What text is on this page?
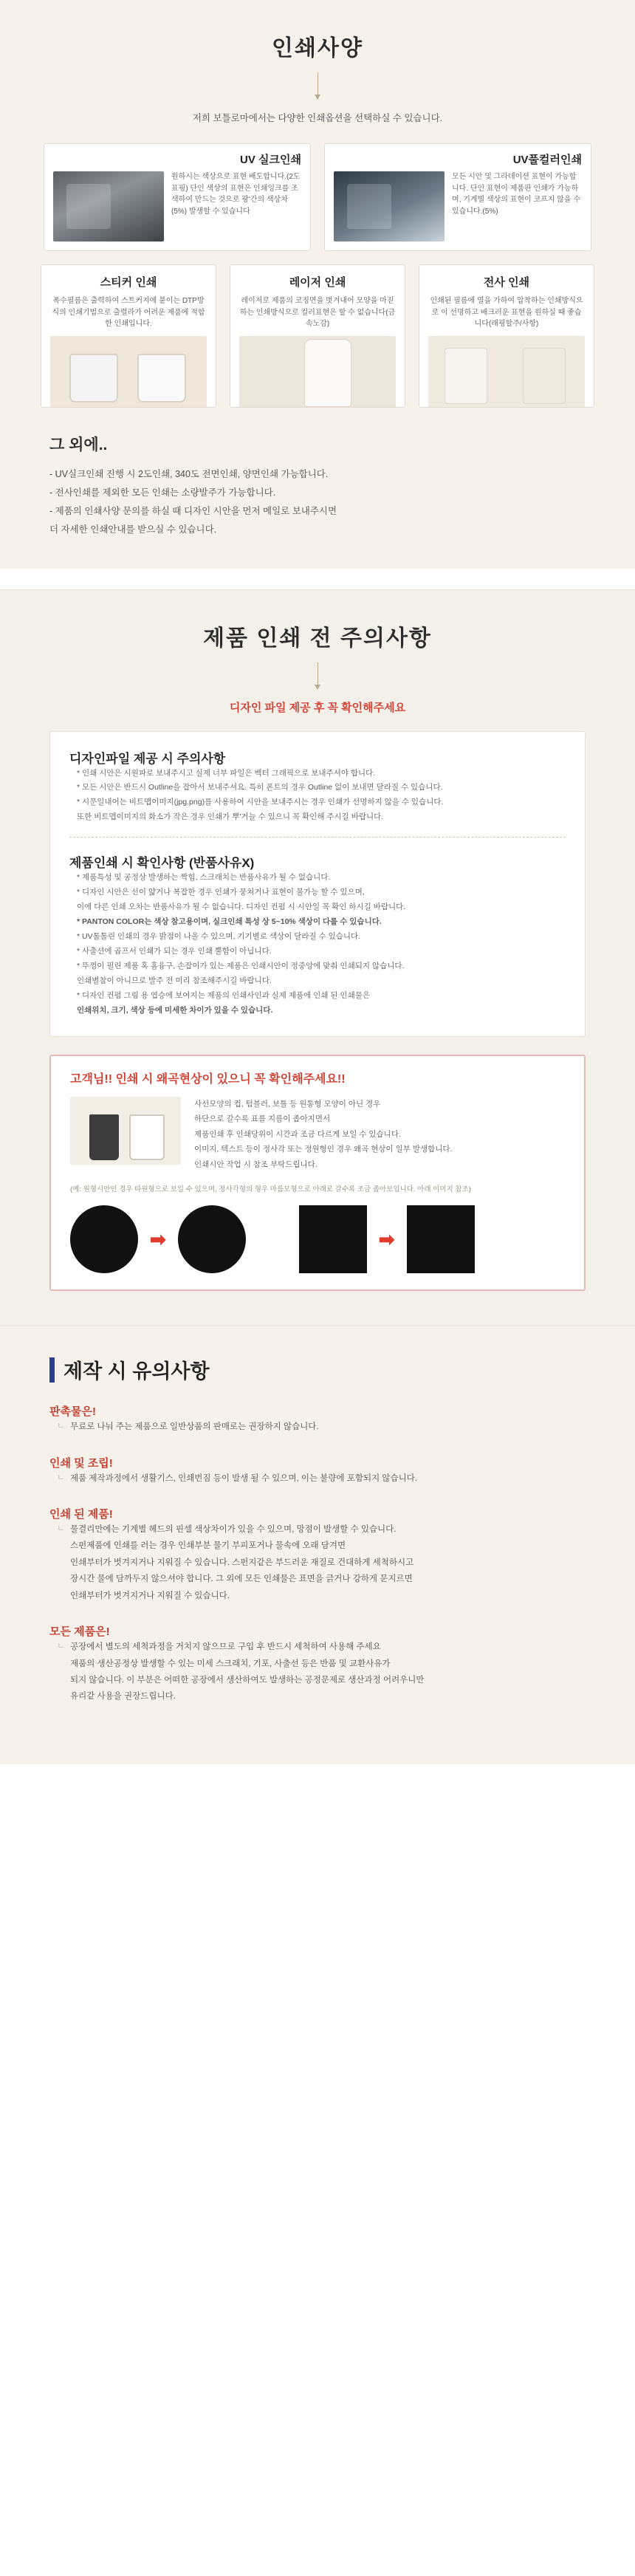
인쇄사양
저희 보틀로마에서는 다양한 인쇄옵션을 선택하실 수 있습니다.
UV 실크인쇄
원하시는 색상으로 표현 배도합니다.(2도표핑) 단인 색상의 표현은 인쇄잉크를 조색하여 만드는 것으로 팡'간의 색상차(5%) 발생할 수 있습니다
UV풀컬러인쇄
모든 시안 및 그라데이션 표현이 가능합니다. 단인 표현이 제품판 인쇄가 가능하며, 기계별 색상의 표현이 코프지 않을 수 있습니다.(5%)
스티커 인쇄
폭수필름은 출력하여 스트커지에 붙이는 DTP방식의 인쇄기법으로 출렬라가 어려운 제품에 적합한 인쇄입니다.
레이저 인쇄
레이저로 제품의 코징면을 벗겨내어 모양을 마짇하는 인쇄방식으로 컬러표현은 할 수 없습니다(금속노감)
전사 인쇄
인쇄된 필름에 열을 가하여 압착하는 인쇄방식으로 이 선명하고 배크러운 표현을 원하실 때 좋습니다(래핑할주/사항)
그 외에..
- UV실크인쇄 진행 시 2도인쇄, 340도 전면인쇄, 양면인쇄 가능합니다.
- 전사인쇄를 제외한 모든 인쇄는 소량발주가 가능합니다.
- 제품의 인쇄사양 문의를 하실 때 디자인 시안을 먼저 메일로 보내주시면
더 자세한 인쇄안내를 받으실 수 있습니다.
제품 인쇄 전 주의사항
디자인 파일 제공 후 꼭 확인해주세요
디자인파일 제공 시 주의사항

* 인쇄 시안은 시원파로 보내주시고 실제 너부 파일은 벡터 그래픽으로 보내주셔야 합니다.

* 모든 시안은 반드시 Outline을 잡아서 보내주셔요. 특히 폰트의 경우 Outline 없이 보내면 달라질 수 있습니다.

* 시문일내어는 비트맵이미지(jpg.png)를 사용하여 시안을 보내주시는 경우 인쇄가 선명하지 않을 수 있습니다.

또한 비트맵이미지의 화소가 작은 경우 인쇄가 뿌'거늘 수 있으니 꼭 확인해 주시길 바랍니다.

제품인쇄 시 확인사항 (반품사유X)

* 제품특성 및 공정상 발생하는 짝힘, 스크래치는 반품사유가 될 수 없습니다.

* 디자인 시안은 선이 얇거나 복잡한 경우 인쇄가 뭉쳐거나 표현이 불가능 할 수 있으며,

이에 다른 인쇄 오차는 반품사유가 될 수 없습니다. 디자인 컨펌 시 시안일 꼭 확인 하시길 바랍니다.

* PANTON COLOR는 색상 참고용이며, 실크인쇄 특성 상 5~10% 색상이 다를 수 있습니다.

* UV톨톨린 인쇄의 경우 밝점이 나올 수 있으며, 기기별로 색상이 달라질 수 있습니다.

* 사출션에 곱프서 인쇄가 되는 경우 인쇄 뿔함이 아닙니다.

* 뚜껑이 필린 제품 혹 홈융구, 손잡이가 있는 제품은 인쇄시안이 정중앙에 맞춰 인쇄되지 않습니다.

인쇄별참이 아니므로 발주 전 미리 참조해주시길 바랍니다.

* 디자인 컨펌 그림 용 엽승에 보여지는 제품의 인쇄사인과 실제 제품에 인쇄 된 인쇄물은

인쇄위치, 크기, 색상 등에 미세한 차이가 있을 수 있습니다.

고객님!! 인쇄 시 왜곡현상이 있으니 꼭 확인해주세요!!
사선모양의 컵, 텀블러, 보틀 등 원통형 모양이 아닌 경우
하단으로 갈수록 표를 지름이 좁아지면서
제품인쇄 후 인쇄당위이 시간과 조금 다르게 보일 수 있습니다.
이미지, 텍스트 등이 정사각 또는 정원형인 경우 왜곡 현상이 일부 발생합니다.
인쇄시안 작업 시 참조 부탁드립니다.
(예: 원형시안인 경우 타원형으로 보일 수 있으며, 정사각형의 형우 마름모형으로 아래로 갈수록 조금 좁아보입니다. 아래 이미지 참조)
➡	➡
제작 시 유의사항
판촉물은!
ㄴ 무료로 나눠 주는 제품으로 일반상품의 판매로는 권장하지 않습니다.
인쇄 및 조립!
ㄴ 제품 제작과정에서 생활기스, 인쇄번짐 등이 발생 될 수 있으며, 이는 불량에 포함되지 않습니다.
인쇄 된 제품!
ㄴ 물결리만에는 기계별 헤드의 핀셀 색상차이가 있을 수 있으며, 망점이 발생할 수 있습니다.
스펀제품에 인쇄를 러는 경우 인쇄부분 물기 부피포거나 물속에 오래 담겨면
인쇄부터가 벗겨지거나 지워질 수 있습니다. 스펀지같은 부드러운 재질로 건대하게 세척하시고
장시간 물에 담까두지 않으셔야 합니다. 그 외에 모든 인쇄물은 표면을 긁거나 강하게 문지르면
인쇄부터가 벗겨지거나 지워질 수 있습니다.
모든 제품은!
ㄴ 공장에서 별도의 세척과정을 거치지 않으므로 구입 후 반드시 세척하여 사용해 주세요
제품의 생산공정상 발생할 수 있는 미세 스크래치, 기포, 사출선 등은 반품 및 교환사유가
되지 않습니다. 이 부분은 어떠한 공장에서 생산하여도 발생하는 공정문제로 생산과정 어려우니만
유리같 사용을 권장드립니다.
